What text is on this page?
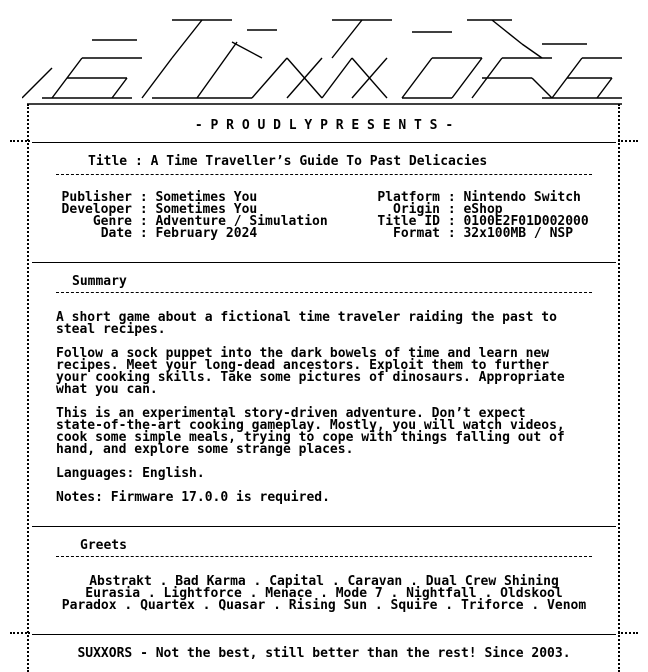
- P R O U D L Y P R E S E N T S -
Title : A Time Traveller’s Guide To Past Delicacies
Publisher : Sometimes You
Developer : Sometimes You
Genre : Adventure / Simulation
Date : February 2024
Platform : Nintendo Switch
Origin : eShop
Title ID : 0100E2F01D002000
Format : 32x100MB / NSP
Summary
A short game about a fictional time traveler raiding the past to
steal recipes.
Follow a sock puppet into the dark bowels of time and learn new
recipes. Meet your long-dead ancestors. Exploit them to further
your cooking skills. Take some pictures of dinosaurs. Appropriate
what you can.
This is an experimental story-driven adventure. Don’t expect
state-of-the-art cooking gameplay. Mostly, you will watch videos,
cook some simple meals, trying to cope with things falling out of
hand, and explore some strange places.
Languages: English.
Notes: Firmware 17.0.0 is required.
Greets
Abstrakt . Bad Karma . Capital . Caravan . Dual Crew Shining
Eurasia . Lightforce . Menace . Mode 7 . Nightfall . Oldskool
Paradox . Quartex . Quasar . Rising Sun . Squire . Triforce . Venom
SUXXORS - Not the best, still better than the rest! Since 2003.
